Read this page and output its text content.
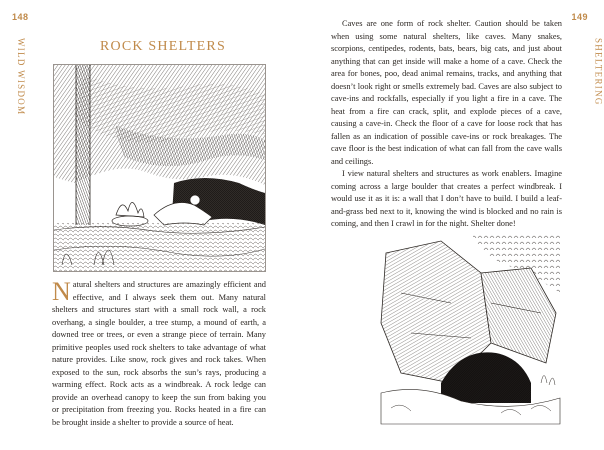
148
WILD WISDOM	ROCK SHELTERS

Natural shelters and structures are amazingly efficient and effective, and I always seek them out. Many natural shelters and structures start with a small rock wall, a rock overhang, a single boulder, a tree stump, a mound of earth, a downed tree or trees, or even a strange piece of terrain. Many primitive peoples used rock shelters to take advantage of what nature provides. Like snow, rock gives and rock takes. When exposed to the sun, rock absorbs the sun’s rays, producing a warming effect. Rock acts as a windbreak. A rock ledge can provide an overhead canopy to keep the sun from baking you or precipitation from freezing you. Rocks heated in a fire can be brought inside a shelter to provide a source of heat.

149
SHELTERING

Caves are one form of rock shelter. Caution should be taken when using some natural shelters, like caves. Many snakes, scorpions, centipedes, rodents, bats, bears, big cats, and just about anything that can get inside will make a home of a cave. Check the area for bones, poo, dead animal remains, tracks, and anything that doesn’t look right or smells extremely bad. Caves are also subject to cave-ins and rockfalls, especially if you light a fire in a cave. The heat from a fire can crack, split, and explode pieces of a cave, causing a cave-in. Check the floor of a cave for loose rock that has fallen as an indication of possible cave-ins or rock breakages. The cave floor is the best indication of what can fall from the cave walls and ceilings.

I view natural shelters and structures as work enablers. Imagine coming across a large boulder that creates a perfect windbreak. I would use it as it is: a wall that I don’t have to build. I build a leaf-and-grass bed next to it, knowing the wind is blocked and no rain is coming, and then I crawl in for the night. Shelter done!
